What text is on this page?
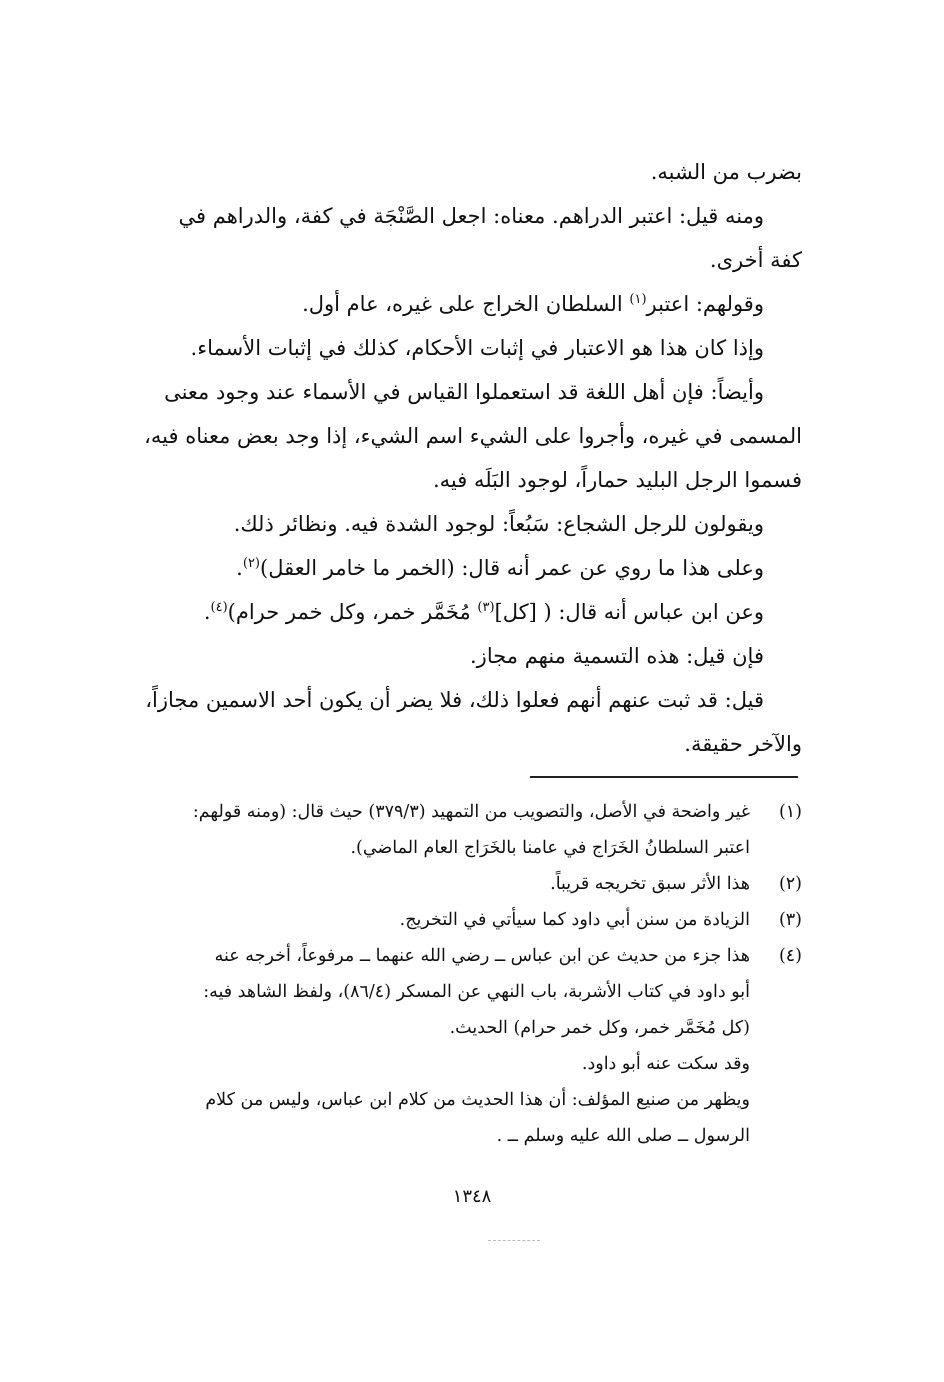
بضرب من الشبه.

ومنه قيل: اعتبر الدراهم. معناه: اجعل الصَّنْجَة في كفة، والدراهم في

كفة أخرى.

وقولهم: اعتبر$^{(١)}$ السلطان الخراج على غيره، عام أول.

وإذا كان هذا هو الاعتبار في إثبات الأحكام، كذلك في إثبات الأسماء.

وأيضاً: فإن أهل اللغة قد استعملوا القياس في الأسماء عند وجود معنى

المسمى في غيره، وأجروا على الشيء اسم الشيء، إذا وجد بعض معناه فيه،

فسموا الرجل البليد حماراً، لوجود البَلَه فيه.

ويقولون للرجل الشجاع: سَبُعاً: لوجود الشدة فيه. ونظائر ذلك.

وعلى هذا ما روي عن عمر أنه قال: (الخمر ما خامر العقل)$^{(٢)}$.

وعن ابن عباس أنه قال: ( [كل]$^{(٣)}$ مُخَمَّر خمر، وكل خمر حرام)$^{(٤)}$.

فإن قيل: هذه التسمية منهم مجاز.

قيل: قد ثبت عنهم أنهم فعلوا ذلك، فلا يضر أن يكون أحد الاسمين مجازاً،

والآخر حقيقة.

(١)

غير واضحة في الأصل، والتصويب من التمهيد (٣٧٩/٣) حيث قال: (ومنه قولهم:

اعتبر السلطانُ الخَرَاج في عامنا بالخَرَاج العام الماضي).

(٢)

هذا الأثر سبق تخريجه قريباً.

(٣)

الزيادة من سنن أبي داود كما سيأتي في التخريج.

(٤)

هذا جزء من حديث عن ابن عباس ــ رضي الله عنهما ــ مرفوعاً، أخرجه عنه

أبو داود في كتاب الأشربة، باب النهي عن المسكر (٨٦/٤)، ولفظ الشاهد فيه:

(كل مُخَمَّر خمر، وكل خمر حرام) الحديث.

وقد سكت عنه أبو داود.

ويظهر من صنيع المؤلف: أن هذا الحديث من كلام ابن عباس، وليس من كلام

الرسول ــ صلى الله عليه وسلم ــ .

١٣٤٨
